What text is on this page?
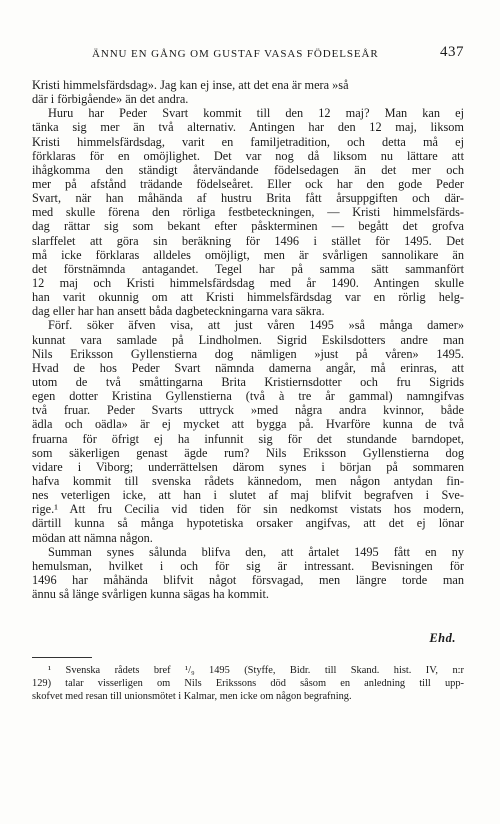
ÄNNU EN GÅNG OM GUSTAF VASAS FÖDELSEÅR	437
Kristi himmelsfärdsdag». Jag kan ej inse, att det ena är mera »så
där i förbigående» än det andra.
Huru har Peder Svart kommit till den 12 maj? Man kan ej
tänka sig mer än två alternativ. Antingen har den 12 maj, liksom
Kristi himmelsfärdsdag, varit en familjetradition, och detta må ej
förklaras för en omöjlighet. Det var nog då liksom nu lättare att
ihågkomma den ständigt återvändande födelsedagen än det mer och
mer på afstånd trädande födelseåret. Eller ock har den gode Peder
Svart, när han måhända af hustru Brita fått årsuppgiften och där-
med skulle förena den rörliga festbeteckningen, — Kristi himmelsfärds-
dag rättar sig som bekant efter påskterminen — begått det grofva
slarffelet att göra sin beräkning för 1496 i stället för 1495. Det
må icke förklaras alldeles omöjligt, men är svårligen sannolikare än
det förstnämnda antagandet. Tegel har på samma sätt sammanfört
12 maj och Kristi himmelsfärdsdag med år 1490. Antingen skulle
han varit okunnig om att Kristi himmelsfärdsdag var en rörlig helg-
dag eller har han ansett båda dagbeteckningarna vara säkra.
Förf. söker äfven visa, att just våren 1495 »så många damer»
kunnat vara samlade på Lindholmen. Sigrid Eskilsdotters andre man
Nils Eriksson Gyllenstierna dog nämligen »just på våren» 1495.
Hvad de hos Peder Svart nämnda damerna angår, må erinras, att
utom de två småttingarna Brita Kristiernsdotter och fru Sigrids
egen dotter Kristina Gyllenstierna (två à tre år gammal) namngifvas
två fruar. Peder Svarts uttryck »med några andra kvinnor, både
ädla och oädla» är ej mycket att bygga på. Hvarföre kunna de två
fruarna för öfrigt ej ha infunnit sig för det stundande barndopet,
som säkerligen genast ägde rum? Nils Eriksson Gyllenstierna dog
vidare i Viborg; underrättelsen därom synes i början på sommaren
hafva kommit till svenska rådets kännedom, men någon antydan fin-
nes veterligen icke, att han i slutet af maj blifvit begrafven i Sve-
rige.¹ Att fru Cecilia vid tiden för sin nedkomst vistats hos modern,
därtill kunna så många hypotetiska orsaker angifvas, att det ej lönar
mödan att nämna någon.
Summan synes sålunda blifva den, att årtalet 1495 fått en ny
hemulsman, hvilket i och för sig är intressant. Bevisningen för
1496 har måhända blifvit något försvagad, men längre torde man
ännu så länge svårligen kunna sägas ha kommit.
Ehd.
¹ Svenska rådets bref ¹/₉ 1495 (Styffe, Bidr. till Skand. hist. IV, n:r
129) talar visserligen om Nils Erikssons död såsom en anledning till upp-
skofvet med resan till unionsmötet i Kalmar, men icke om någon begrafning.
